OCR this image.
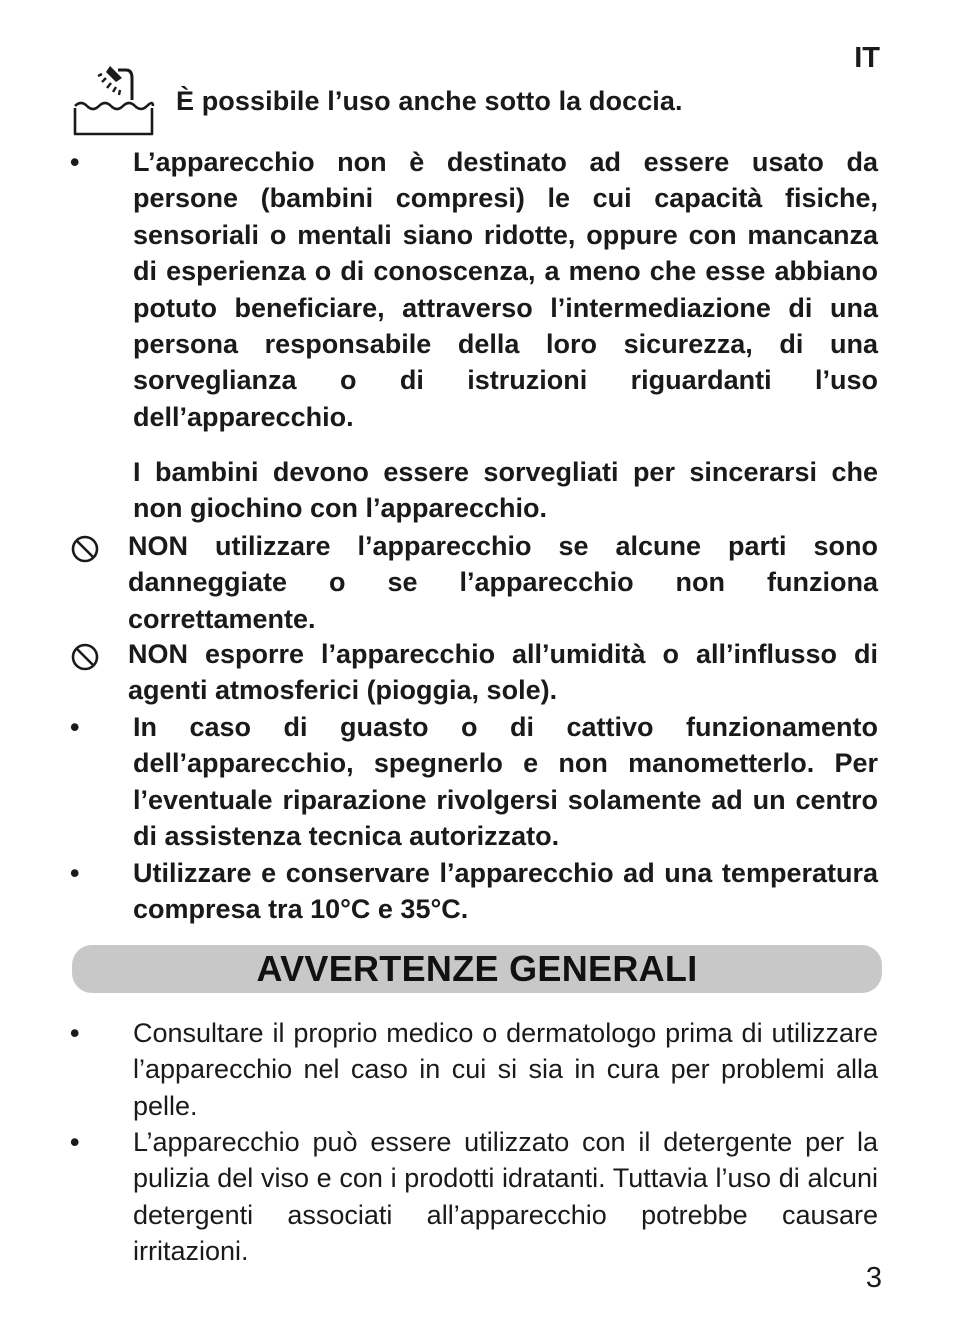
IT
È possibile l’uso anche sotto la doccia.
• L’apparecchio non è destinato ad essere usato da persone (bambini compresi) le cui capacità fisiche, sensoriali o mentali siano ridotte, oppure con mancanza di esperienza o di conoscenza, a meno che esse abbiano potuto beneficiare, attraverso l’intermediazione di una persona responsabile della loro sicurezza, di una sorveglianza o di istruzioni riguardanti l’uso dell’apparecchio.
I bambini devono essere sorvegliati per sincerarsi che non giochino con l’apparecchio.
NON utilizzare l’apparecchio se alcune parti sono danneggiate o se l’apparecchio non funziona correttamente.
NON esporre l’apparecchio all’umidità o all’influsso di agenti atmosferici (pioggia, sole).
• In caso di guasto o di cattivo funzionamento dell’apparecchio, spegnerlo e non manometterlo. Per l’eventuale riparazione rivolgersi solamente ad un centro di assistenza tecnica autorizzato.
• Utilizzare e conservare l’apparecchio ad una temperatura compresa tra 10°C e 35°C.
AVVERTENZE GENERALI
• Consultare il proprio medico o dermatologo prima di utilizzare l’apparecchio nel caso in cui si sia in cura per problemi alla pelle.
• L’apparecchio può essere utilizzato con il detergente per la pulizia del viso e con i prodotti idratanti. Tuttavia l’uso di alcuni detergenti associati all’apparecchio potrebbe causare irritazioni.
3
